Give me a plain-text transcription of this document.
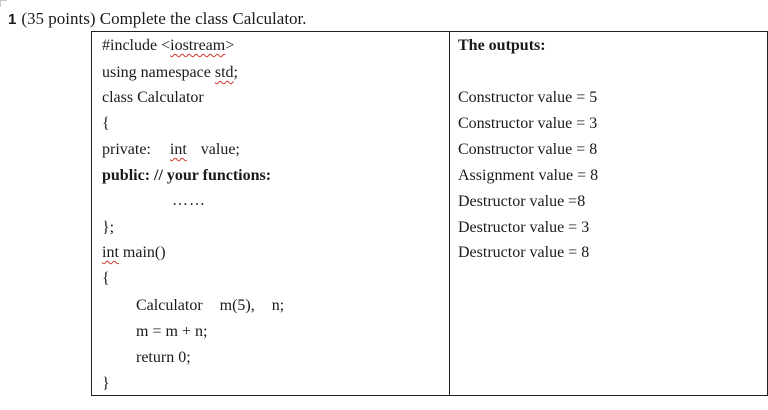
1 (35 points) Complete the class Calculator.
#include <iostream>
using namespace std;
class Calculator
{
private: int value;
public: // your functions:
……
};
int main()
{
Calculator m(5), n;
m = m + n;
return 0;
}
The outputs:
Constructor value = 5
Constructor value = 3
Constructor value = 8
Assignment value = 8
Destructor value =8
Destructor value = 3
Destructor value = 8
